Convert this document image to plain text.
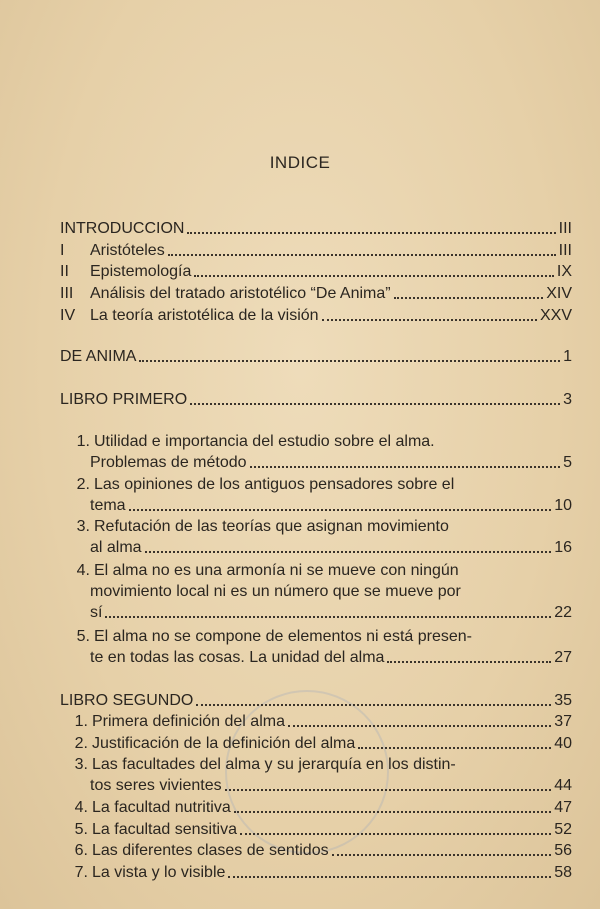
INDICE
INTRODUCCION	III
I	Aristóteles	III
II	Epistemología	IX
III	Análisis del tratado aristotélico “De Anima”	XIV
IV La teoría aristotélica de la visión	XXV
DE ANIMA	1
LIBRO PRIMERO	3
1. Utilidad e importancia del estudio sobre el alma.
Problemas de método	5
2. Las opiniones de los antiguos pensadores sobre el
tema	10
3. Refutación de las teorías que asignan movimiento
al alma	16
4. El alma no es una armonía ni se mueve con ningún
movimiento local ni es un número que se mueve por
sí	22
5. El alma no se compone de elementos ni está presen-
te en todas las cosas. La unidad del alma	27
LIBRO SEGUNDO	35
1. Primera definición del alma	37
2. Justificación de la definición del alma	40
3. Las facultades del alma y su jerarquía en los distin-
tos seres vivientes	44
4. La facultad nutritiva	47
5. La facultad sensitiva	52
6. Las diferentes clases de sentidos	56
7. La vista y lo visible	58
